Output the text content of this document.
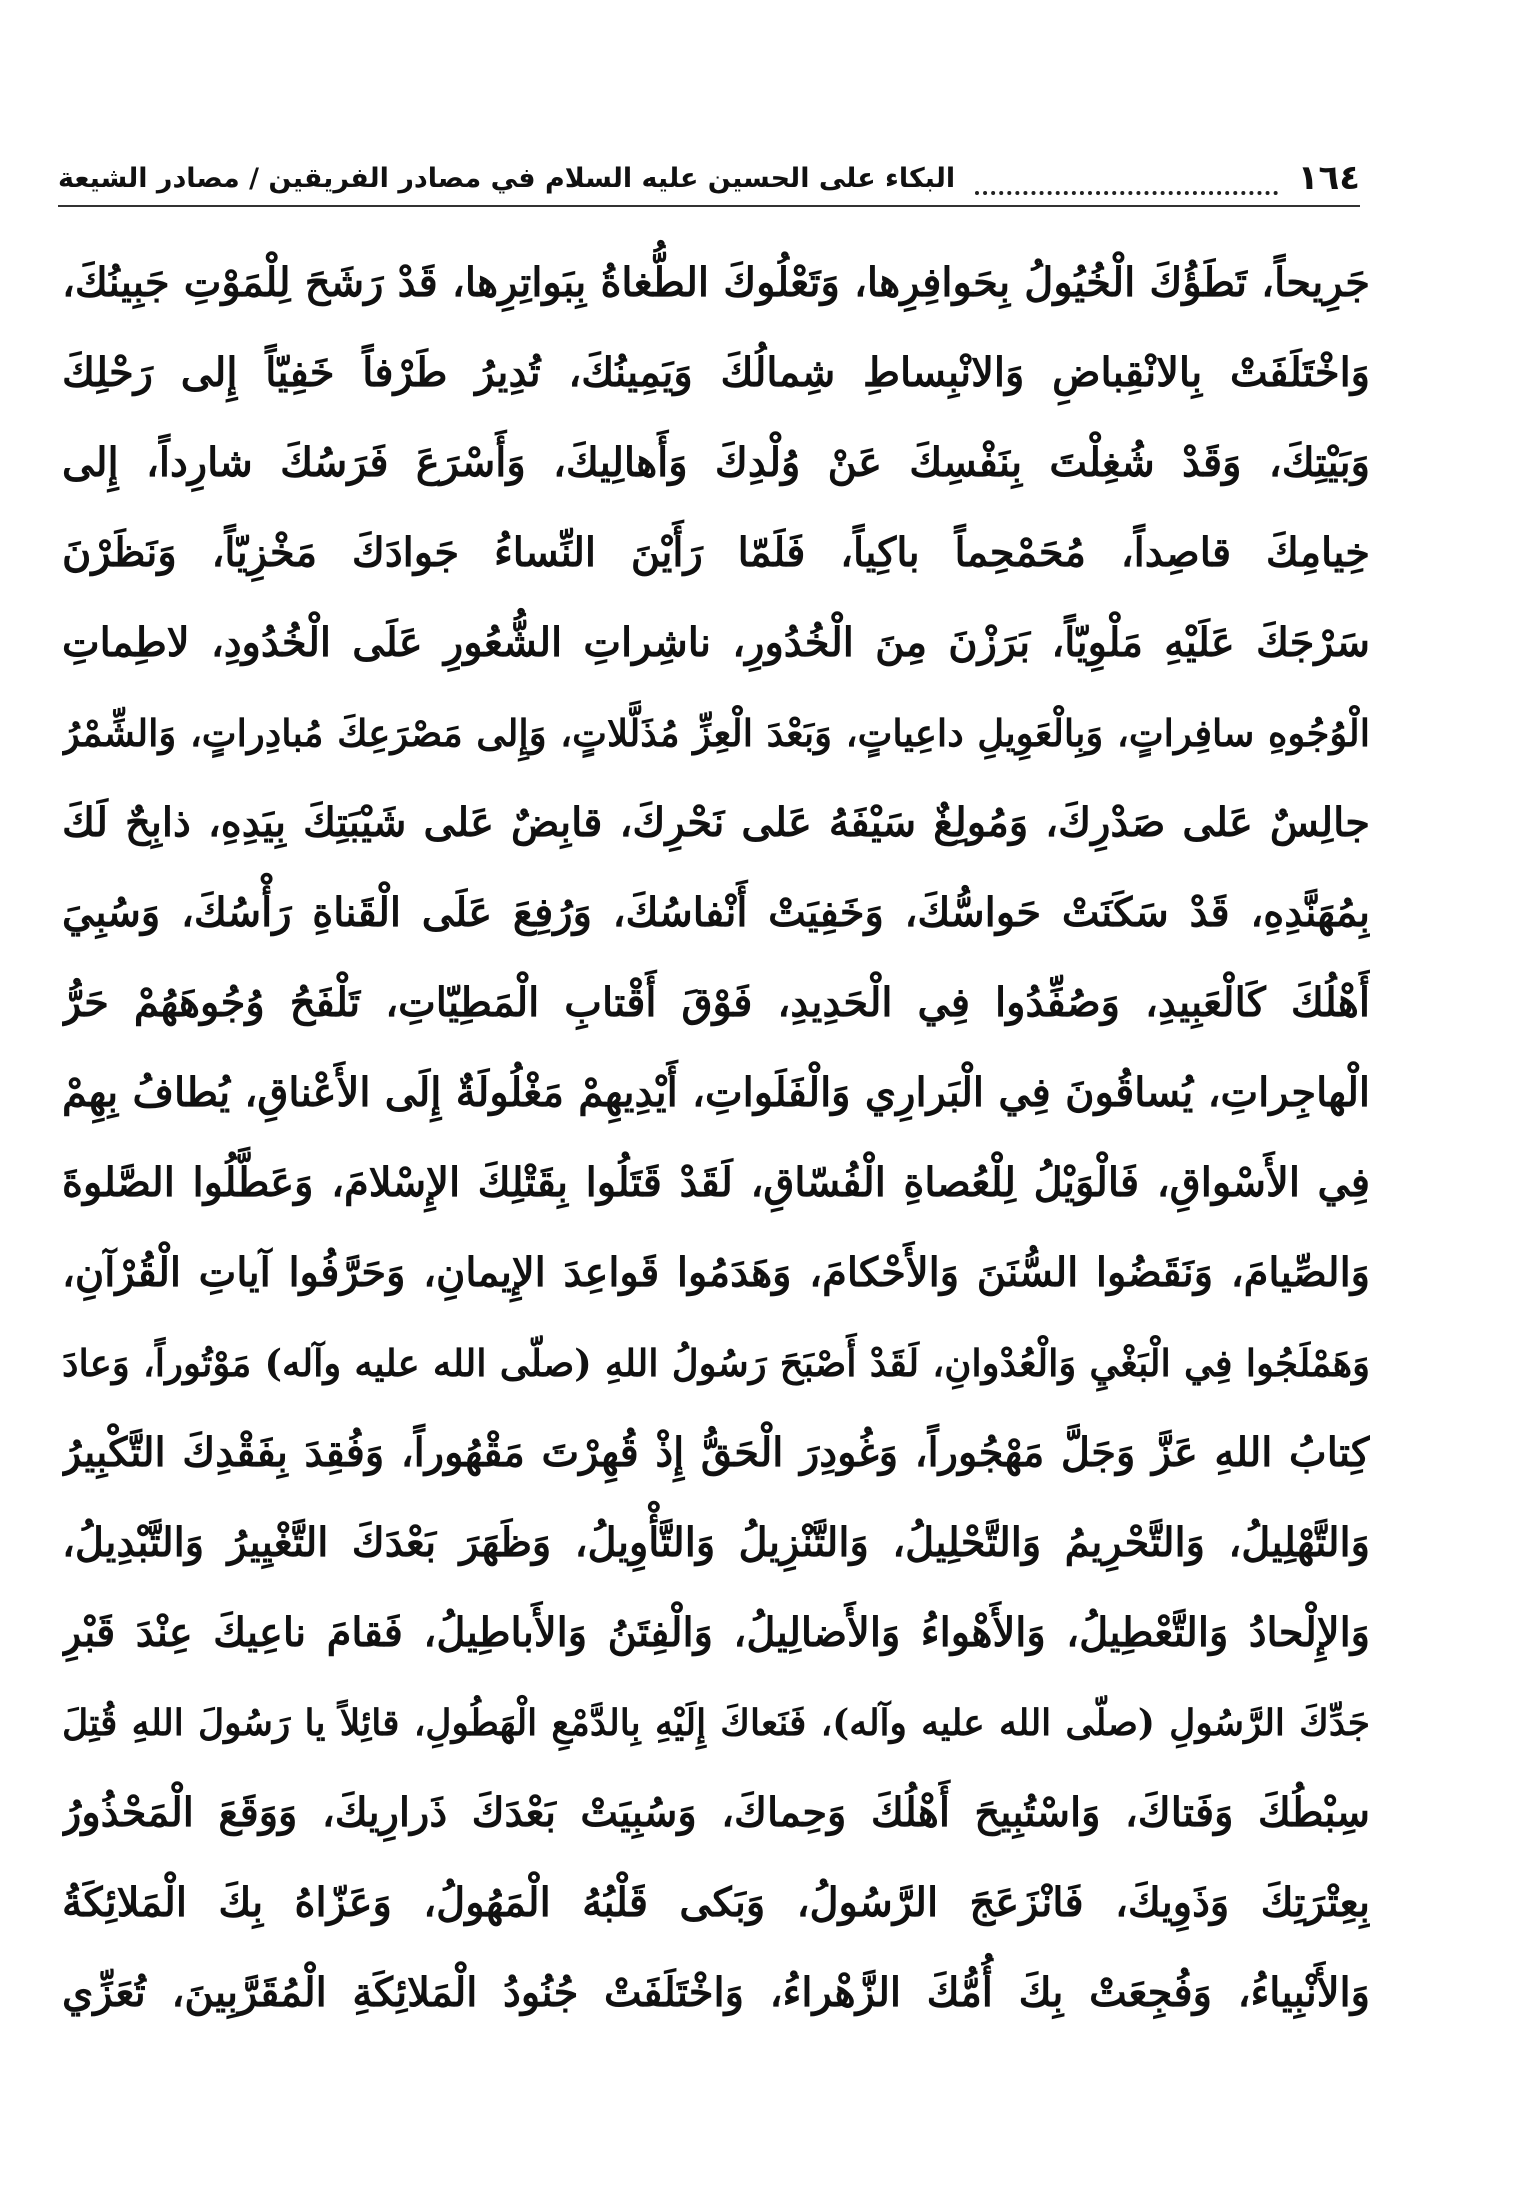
١٦٤
البكاء على الحسين عليه السلام في مصادر الفريقين / مصادر الشيعة
جَرِيحاً، تَطَؤُكَ الْخُيُولُ بِحَوافِرِها، وَتَعْلُوكَ الطُّغاةُ بِبَواتِرِها، قَدْ رَشَحَ لِلْمَوْتِ جَبِينُكَ،
وَاخْتَلَفَتْ بِالانْقِباضِ وَالانْبِساطِ شِمالُكَ وَيَمِينُكَ، تُدِيرُ طَرْفاً خَفِيّاً إِلى رَحْلِكَ
وَبَيْتِكَ، وَقَدْ شُغِلْتَ بِنَفْسِكَ عَنْ وُلْدِكَ وَأَهالِيكَ، وَأَسْرَعَ فَرَسُكَ شارِداً، إِلى
خِيامِكَ قاصِداً، مُحَمْحِماً باكِياً، فَلَمّا رَأَيْنَ النِّساءُ جَوادَكَ مَخْزِيّاً، وَنَظَرْنَ
سَرْجَكَ عَلَيْهِ مَلْوِيّاً، بَرَزْنَ مِنَ الْخُدُورِ، ناشِراتِ الشُّعُورِ عَلَى الْخُدُودِ، لاطِماتِ
الْوُجُوهِ سافِراتٍ، وَبِالْعَوِيلِ داعِياتٍ، وَبَعْدَ الْعِزِّ مُذَلَّلاتٍ، وَإِلى مَصْرَعِكَ مُبادِراتٍ، وَالشِّمْرُ
جالِسٌ عَلى صَدْرِكَ، وَمُولِغٌ سَيْفَهُ عَلى نَحْرِكَ، قابِضٌ عَلى شَيْبَتِكَ بِيَدِهِ، ذابِحٌ لَكَ
بِمُهَنَّدِهِ، قَدْ سَكَنَتْ حَواسُّكَ، وَخَفِيَتْ أَنْفاسُكَ، وَرُفِعَ عَلَى الْقَناةِ رَأْسُكَ، وَسُبِيَ
أَهْلُكَ كَالْعَبِيدِ، وَصُفِّدُوا فِي الْحَدِيدِ، فَوْقَ أَقْتابِ الْمَطِيّاتِ، تَلْفَحُ وُجُوهَهُمْ حَرُّ
الْهاجِراتِ، يُساقُونَ فِي الْبَرارِي وَالْفَلَواتِ، أَيْدِيهِمْ مَغْلُولَةٌ إِلَى الأَعْناقِ، يُطافُ بِهِمْ
فِي الأَسْواقِ، فَالْوَيْلُ لِلْعُصاةِ الْفُسّاقِ، لَقَدْ قَتَلُوا بِقَتْلِكَ الإِسْلامَ، وَعَطَّلُوا الصَّلوةَ
وَالصِّيامَ، وَنَقَضُوا السُّنَنَ وَالأَحْكامَ، وَهَدَمُوا قَواعِدَ الإِيمانِ، وَحَرَّفُوا آياتِ الْقُرْآنِ،
وَهَمْلَجُوا فِي الْبَغْيِ وَالْعُدْوانِ، لَقَدْ أَصْبَحَ رَسُولُ اللهِ (صلّى الله عليه وآله) مَوْتُوراً، وَعادَ
كِتابُ اللهِ عَزَّ وَجَلَّ مَهْجُوراً، وَغُودِرَ الْحَقُّ إِذْ قُهِرْتَ مَقْهُوراً، وَفُقِدَ بِفَقْدِكَ التَّكْبِيرُ
وَالتَّهْلِيلُ، وَالتَّحْرِيمُ وَالتَّحْلِيلُ، وَالتَّنْزِيلُ وَالتَّأْوِيلُ، وَظَهَرَ بَعْدَكَ التَّغْيِيرُ وَالتَّبْدِيلُ،
وَالإِلْحادُ وَالتَّعْطِيلُ، وَالأَهْواءُ وَالأَضالِيلُ، وَالْفِتَنُ وَالأَباطِيلُ، فَقامَ ناعِيكَ عِنْدَ قَبْرِ
جَدِّكَ الرَّسُولِ (صلّى الله عليه وآله)، فَنَعاكَ إِلَيْهِ بِالدَّمْعِ الْهَطُولِ، قائِلاً يا رَسُولَ اللهِ قُتِلَ
سِبْطُكَ وَفَتاكَ، وَاسْتُبِيحَ أَهْلُكَ وَحِماكَ، وَسُبِيَتْ بَعْدَكَ ذَرارِيكَ، وَوَقَعَ الْمَحْذُورُ
بِعِتْرَتِكَ وَذَوِيكَ، فَانْزَعَجَ الرَّسُولُ، وَبَكى قَلْبُهُ الْمَهُولُ، وَعَزّاهُ بِكَ الْمَلائِكَةُ
وَالأَنْبِياءُ، وَفُجِعَتْ بِكَ أُمُّكَ الزَّهْراءُ، وَاخْتَلَفَتْ جُنُودُ الْمَلائِكَةِ الْمُقَرَّبِينَ، تُعَزِّي
